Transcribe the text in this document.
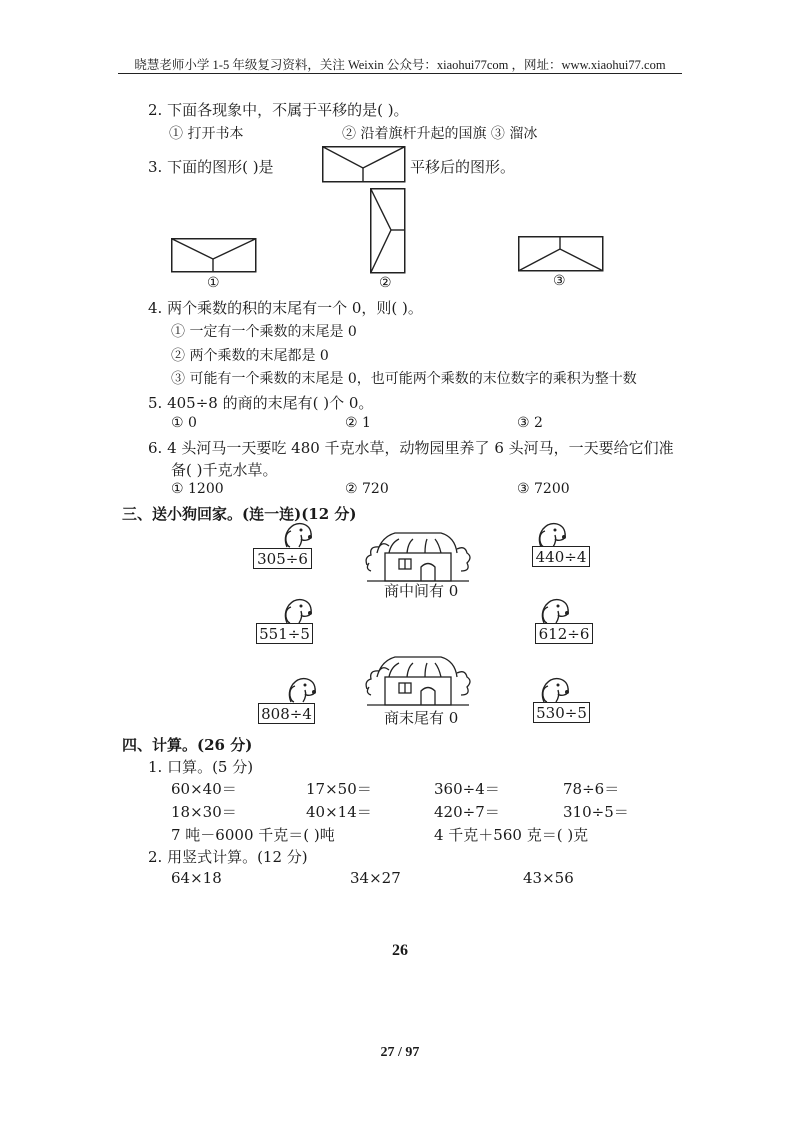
晓慧老师小学 1-5 年级复习资料，关注 Weixin 公众号：xiaohui77com ，网址：www.xiaohui77.com
2. 下面各现象中，不属于平移的是( )。
① 打开书本	② 沿着旗杆升起的国旗 ③ 溜冰
3. 下面的图形( )是	平移后的图形。
①	②	③
4. 两个乘数的积的末尾有一个 0，则( )。
① 一定有一个乘数的末尾是 0
② 两个乘数的末尾都是 0
③ 可能有一个乘数的末尾是 0，也可能两个乘数的末位数字的乘积为整十数
5. 405÷8 的商的末尾有( )个 0。
① 0	② 1	③ 2
6. 4 头河马一天要吃 480 千克水草，动物园里养了 6 头河马，一天要给它们准
备( )千克水草。
① 1200	② 720	③ 7200
三、送小狗回家。(连一连)(12 分)
商中间有 0
商末尾有 0
305÷6
551÷5
808÷4
440÷4
612÷6
530÷5
四、计算。(26 分)
1. 口算。(5 分)
60×40＝	17×50＝	360÷4＝	78÷6＝
18×30＝	40×14＝	420÷7＝	310÷5＝
7 吨－6000 千克＝( )吨	4 千克＋560 克＝( )克
2. 用竖式计算。(12 分)
64×18	34×27	43×56
26
27 / 97
